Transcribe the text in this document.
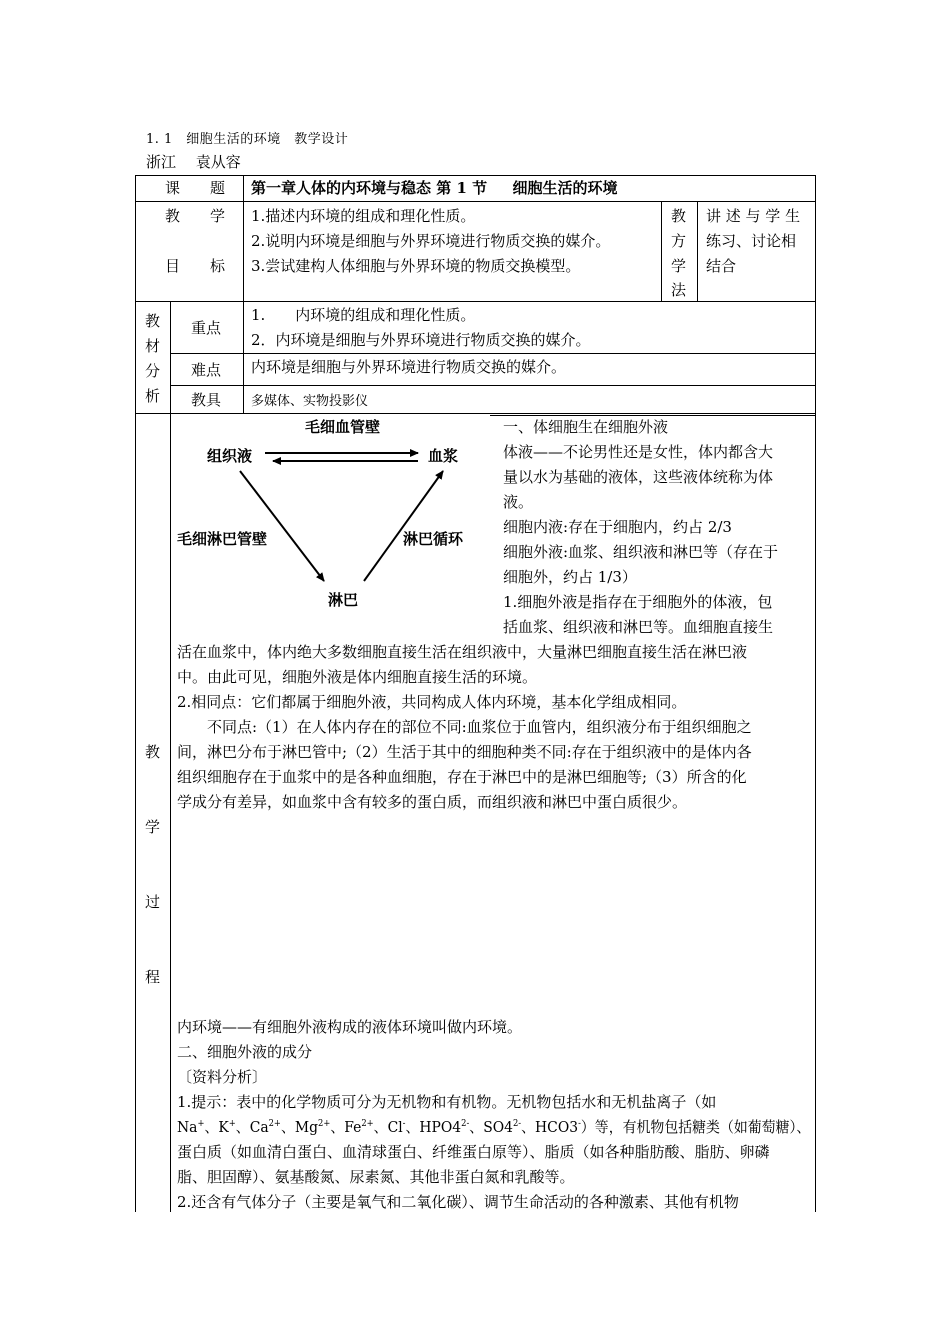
1. 1　细胞生活的环境　教学设计
浙江　 袁从容
课　　 题 第一章人体的内环境与稳态 第 1 节 　 细胞生活的环境
教　　 学
目　　 标
1.描述内环境的组成和理化性质。
2.说明内环境是细胞与外界环境进行物质交换的媒介。
3.尝试建构人体细胞与外界环境的物质交换模型。
教
方
学
法
讲 述 与 学 生
练习、讨论相
结合
教
材
分
析
重点
1.　　内环境的组成和理化性质。
2．内环境是细胞与外界环境进行物质交换的媒介。
难点 内环境是细胞与外界环境进行物质交换的媒介。
教具 多媒体、实物投影仪
教
学
过
程
毛细血管壁
组织液	血浆
毛细淋巴管壁	淋巴循环
淋巴
一、体细胞生在细胞外液
体液——不论男性还是女性，体内都含大
量以水为基础的液体，这些液体统称为体
液。
细胞内液:存在于细胞内，约占 2/3
细胞外液:血浆、组织液和淋巴等（存在于
细胞外，约占 1/3）
1.细胞外液是指存在于细胞外的体液，包
括血浆、组织液和淋巴等。血细胞直接生
活在血浆中，体内绝大多数细胞直接生活在组织液中，大量淋巴细胞直接生活在淋巴液
中。由此可见，细胞外液是体内细胞直接生活的环境。
2.相同点：它们都属于细胞外液，共同构成人体内环境，基本化学组成相同。
　　不同点:（1）在人体内存在的部位不同:血浆位于血管内，组织液分布于组织细胞之
间，淋巴分布于淋巴管中;（2）生活于其中的细胞种类不同:存在于组织液中的是体内各
组织细胞存在于血浆中的是各种血细胞，存在于淋巴中的是淋巴细胞等;（3）所含的化
学成分有差异，如血浆中含有较多的蛋白质，而组织液和淋巴中蛋白质很少。
内环境——有细胞外液构成的液体环境叫做内环境。
二、细胞外液的成分
〔资料分析〕
1.提示：表中的化学物质可分为无机物和有机物。无机物包括水和无机盐离子（如
Na+、K+、$Ca^{2+}$、$Mg^{2+}$、$Fe^{2+}$、Cl-、$HPO4^{2-}$、$SO4^{2-}$、HCO3-）等，有机物包括糖类（如葡萄糖）、
蛋白质（如血清白蛋白、血清球蛋白、纤维蛋白原等）、脂质（如各种脂肪酸、脂肪、卵磷
脂、胆固醇）、氨基酸氮、尿素氮、其他非蛋白氮和乳酸等。
2.还含有气体分子（主要是氧气和二氧化碳）、调节生命活动的各种激素、其他有机物
